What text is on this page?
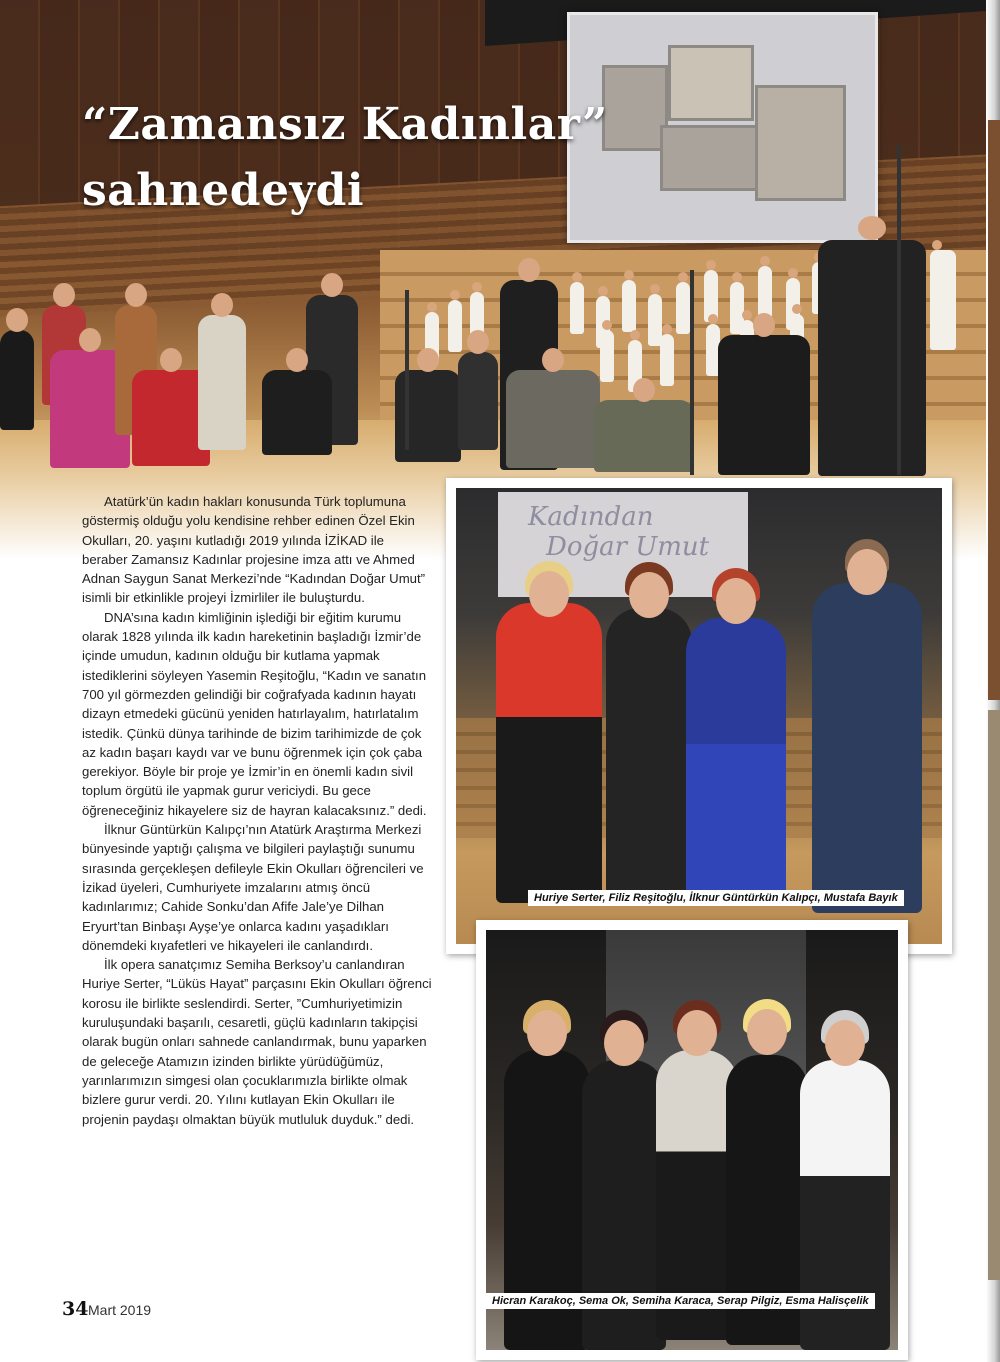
“Zamansız Kadınlar”
sahnedeydi

Atatürk’ün kadın hakları konusunda Türk toplumuna göstermiş olduğu yolu kendisine rehber edinen Özel Ekin Okulları, 20. yaşını kutladığı 2019 yılında İZİKAD ile beraber Zamansız Kadınlar projesine imza attı ve Ahmed Adnan Saygun Sanat Merkezi’nde “Kadından Doğar Umut” isimli bir etkinlikle projeyi İzmirliler ile buluşturdu.

DNA’sına kadın kimliğinin işlediği bir eğitim kurumu olarak 1828 yılında ilk kadın hareketinin başladığı İzmir’de içinde umudun, kadının olduğu bir kutlama yapmak istediklerini söyleyen Yasemin Reşitoğlu, “Kadın ve sanatın 700 yıl görmezden gelindiği bir coğrafyada kadının hayatı dizayn etmedeki gücünü yeniden hatırlayalım, hatırlatalım istedik. Çünkü dünya tarihinde de bizim tarihimizde de çok az kadın başarı kaydı var ve bunu öğrenmek için çok çaba gerekiyor. Böyle bir proje ye İzmir’in en önemli kadın sivil toplum örgütü ile yapmak gurur vericiydi. Bu gece öğreneceğiniz hikayelere siz de hayran kalacaksınız.” dedi.

İlknur Güntürkün Kalıpçı’nın Atatürk Araştırma Merkezi bünyesinde yaptığı çalışma ve bilgileri paylaştığı sunumu sırasında gerçekleşen defileyle Ekin Okulları öğrencileri ve İzikad üyeleri, Cumhuriyete imzalarını atmış öncü kadınlarımız; Cahide Sonku’dan Afife Jale’ye Dilhan Eryurt’tan Binbaşı Ayşe’ye onlarca kadını yaşadıkları dönemdeki kıyafetleri ve hikayeleri ile canlandırdı.

İlk opera sanatçımız Semiha Berksoy’u canlandıran Huriye Serter, “Lüküs Hayat” parçasını Ekin Okulları öğrenci korosu ile birlikte seslendirdi. Serter, ”Cumhuriyetimizin kuruluşundaki başarılı, cesaretli, güçlü kadınların takipçisi olarak bugün onları sahnede canlandırmak, bunu yaparken de geleceğe Atamızın izinden birlikte yürüdüğümüz, yarınlarımızın simgesi olan çocuklarımızla birlikte olmak bizlere gurur verdi. 20. Yılını kutlayan Ekin Okulları ile projenin paydaşı olmaktan büyük mutluluk duyduk.” dedi.

Kadından
Doğar Umut
Huriye Serter, Filiz Reşitoğlu, İlknur Güntürkün Kalıpçı, Mustafa Bayık
Hicran Karakoç, Sema Ok, Semiha Karaca, Serap Pilgiz, Esma Halisçelik
34 Mart 2019
